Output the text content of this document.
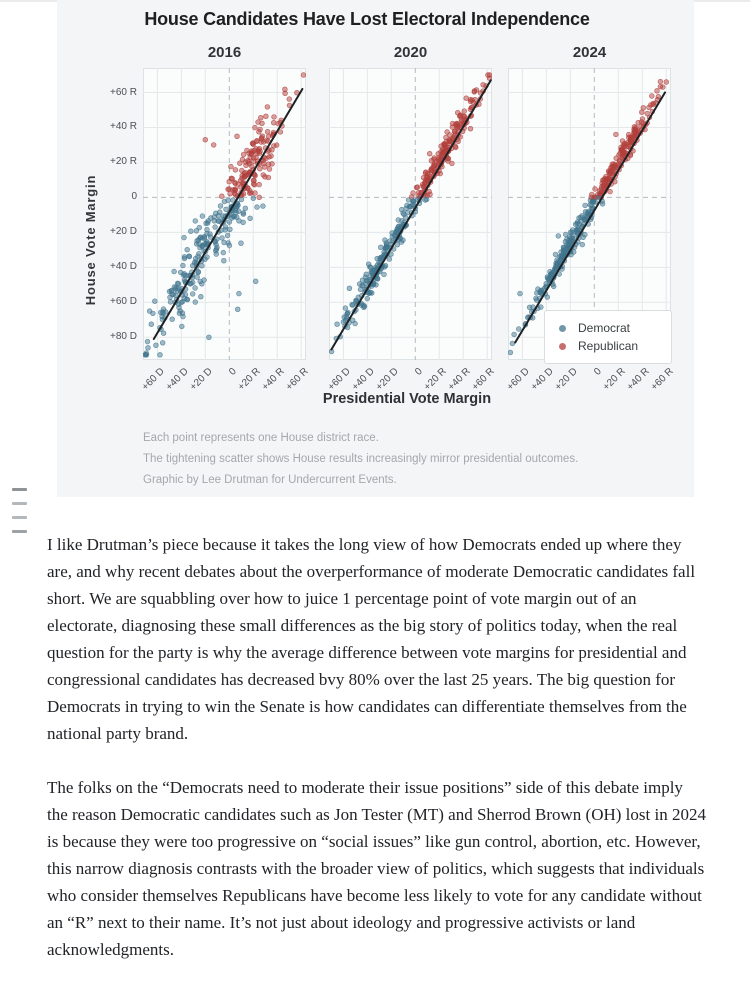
House Candidates Have Lost Electoral Independence
+60 R
+40 R
+20 R
0
+20 D
+40 D
+60 D
+80 D
House Vote Margin
2016
+60 D
+40 D
+20 D	0
+20 R
+40 R
+60 R
2020
+60 D
+40 D
+20 D	0
+20 R
+40 R
+60 R
2024
+60 D
+40 D
+20 D	0
+20 R
+40 R
+60 R
Democrat
Republican
Presidential Vote Margin
Each point represents one House district race.
The tightening scatter shows House results increasingly mirror presidential outcomes.
Graphic by Lee Drutman for Undercurrent Events.

I like Drutman’s piece because it takes the long view of how Democrats ended up where they are, and why recent debates about the overperformance of moderate Democratic candidates fall short. We are squabbling over how to juice 1 percentage point of vote margin out of an electorate, diagnosing these small differences as the big story of politics today, when the real question for the party is why the average difference between vote margins for presidential and congressional candidates has decreased bvy 80% over the last 25 years. The big question for Democrats in trying to win the Senate is how candidates can differentiate themselves from the national party brand.

The folks on the “Democrats need to moderate their issue positions” side of this debate imply the reason Democratic candidates such as Jon Tester (MT) and Sherrod Brown (OH) lost in 2024 is because they were too progressive on “social issues” like gun control, abortion, etc. However, this narrow diagnosis contrasts with the broader view of politics, which suggests that individuals who consider themselves Republicans have become less likely to vote for any candidate without an “R” next to their name. It’s not just about ideology and progressive activists or land acknowledgments.
